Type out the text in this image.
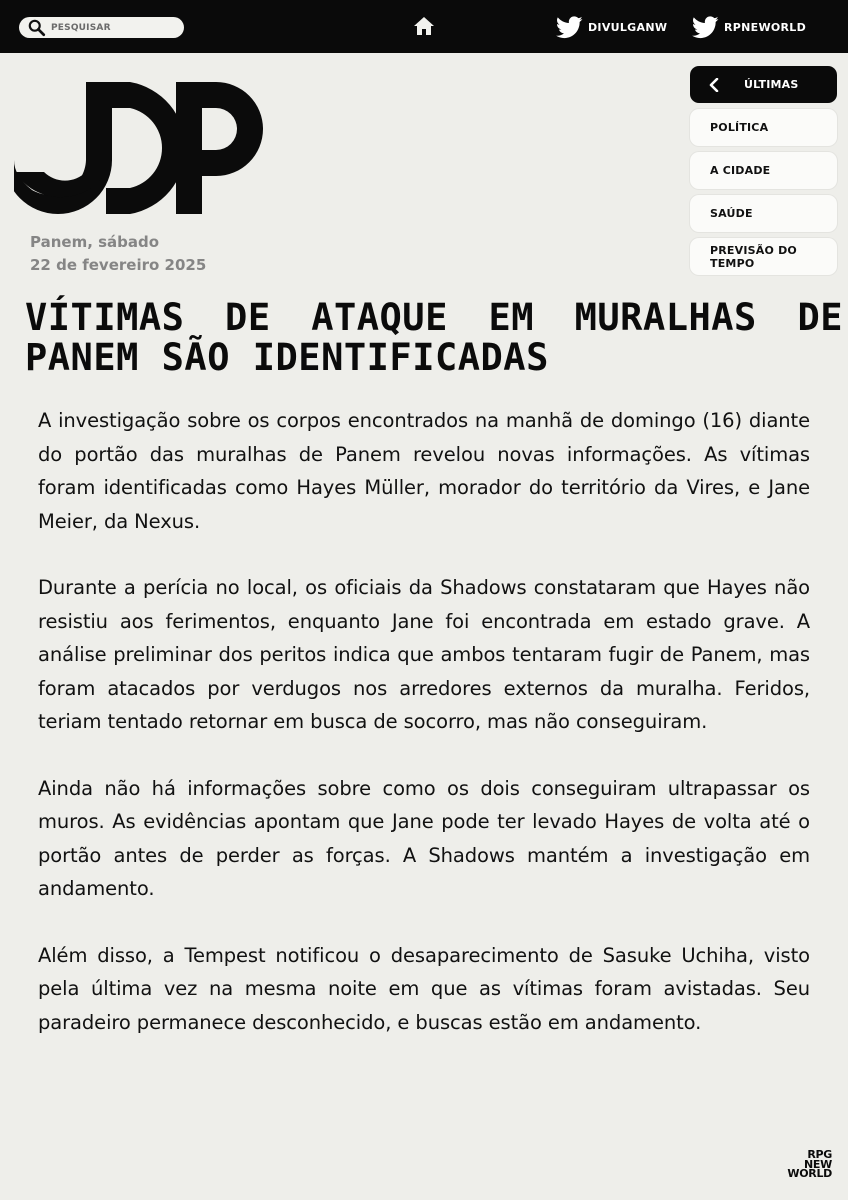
PESQUISAR	DIVULGANW	RPNEWORLD
Panem, sábado
22 de fevereiro 2025
ÚLTIMAS
POLÍTICA
A CIDADE
SAÚDE
PREVISÃO DO TEMPO
VÍTIMAS DE ATAQUE EM MURALHAS DE PANEM SÃO IDENTIFICADAS

A investigação sobre os corpos encontrados na manhã de domingo (16) diante do portão das muralhas de Panem revelou novas informações. As vítimas foram identificadas como Hayes Müller, morador do território da Vires, e Jane Meier, da Nexus.

Durante a perícia no local, os oficiais da Shadows constataram que Hayes não resistiu aos ferimentos, enquanto Jane foi encontrada em estado grave. A análise preliminar dos peritos indica que ambos tentaram fugir de Panem, mas foram atacados por verdugos nos arredores externos da muralha. Feridos, teriam tentado retornar em busca de socorro, mas não conseguiram.

Ainda não há informações sobre como os dois conseguiram ultrapassar os muros. As evidências apontam que Jane pode ter levado Hayes de volta até o portão antes de perder as forças. A Shadows mantém a investigação em andamento.

Além disso, a Tempest notificou o desaparecimento de Sasuke Uchiha, visto pela última vez na mesma noite em que as vítimas foram avistadas. Seu paradeiro permanece desconhecido, e buscas estão em andamento.

RPG
NEW
WORLD
